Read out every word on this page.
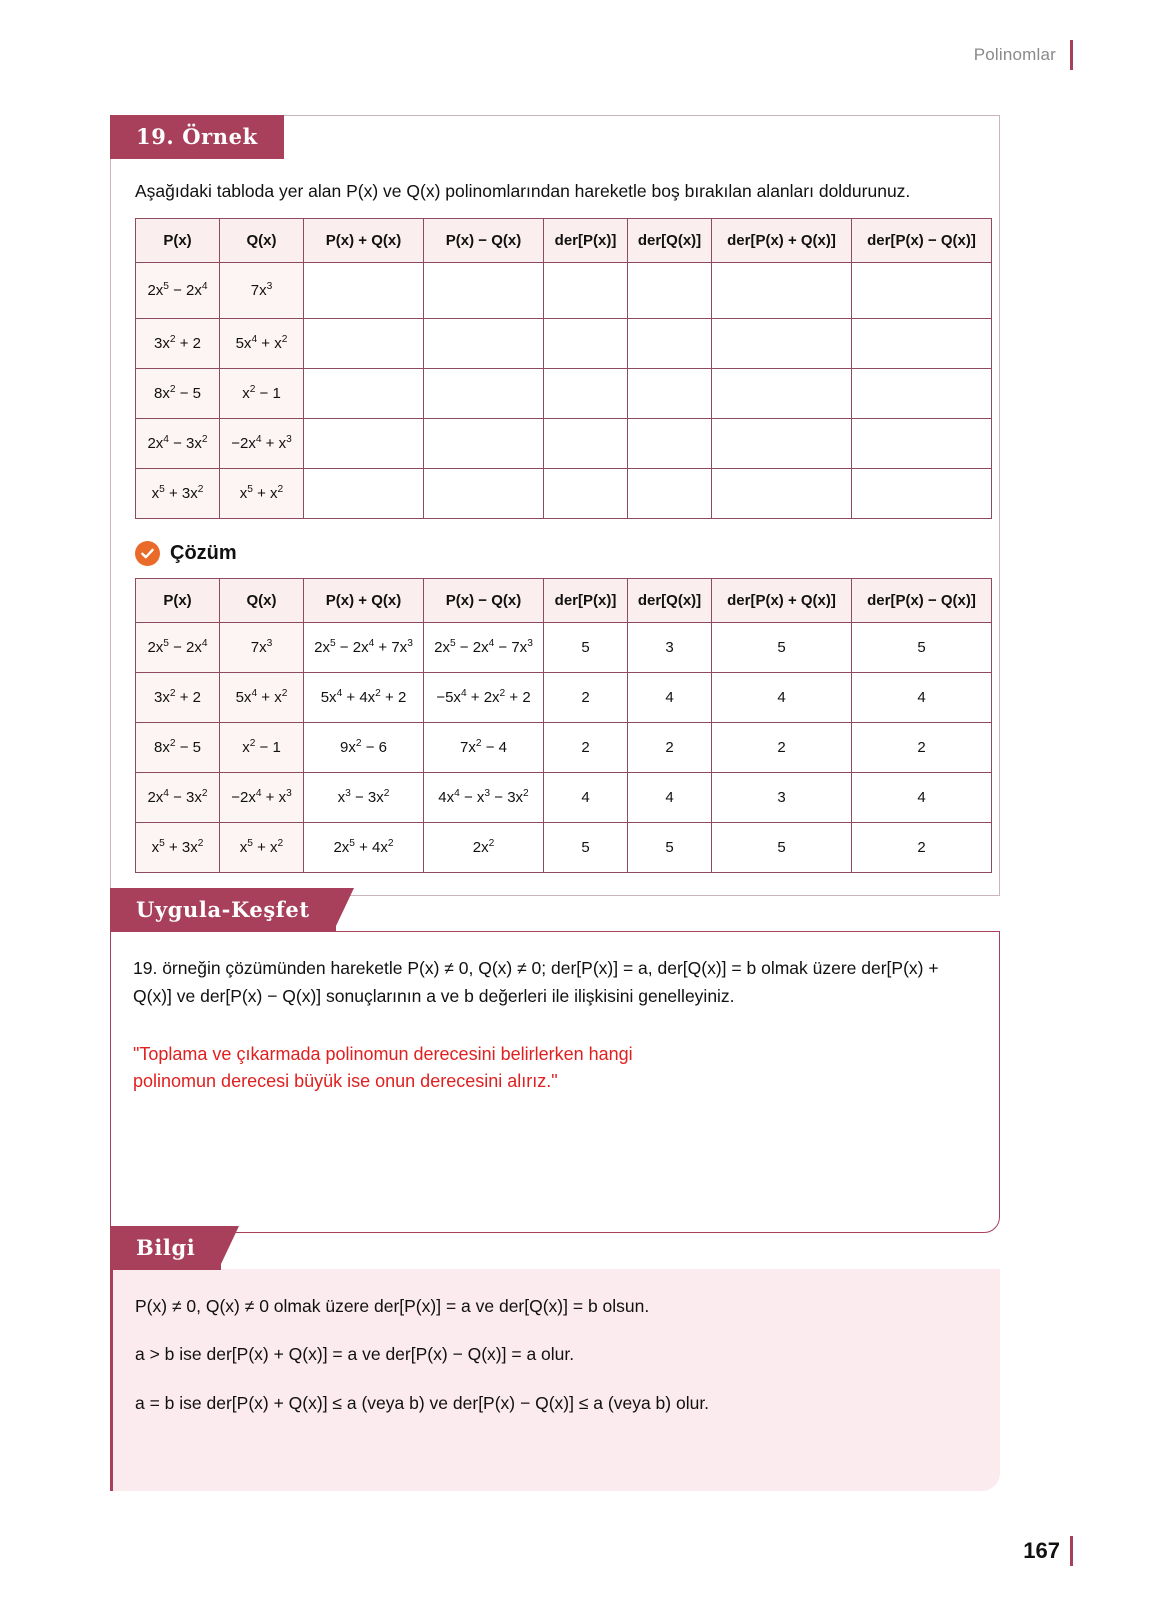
Polinomlar
19. Örnek
Aşağıdaki tabloda yer alan P(x) ve Q(x) polinomlarından hareketle boş bırakılan alanları doldurunuz.
P(x)	Q(x)	P(x) + Q(x)	P(x) − Q(x)	der[P(x)]	der[Q(x)]	der[P(x) + Q(x)]	der[P(x) − Q(x)]
$2x^5 - 2x^4$	$7x^3$						
$3x^2 + 2$	$5x^4 + x^2$						
$8x^2 - 5$	$x^2 - 1$						
$2x^4 - 3x^2$	$-2x^4 + x^3$						
$x^5 + 3x^2$	$x^5 + x^2$						
Çözüm
P(x)	Q(x)	P(x) + Q(x)	P(x) − Q(x)	der[P(x)]	der[Q(x)]	der[P(x) + Q(x)]	der[P(x) − Q(x)]
$2x^5 - 2x^4$	$7x^3$	$2x^5 - 2x^4 + 7x^3$	$2x^5 - 2x^4 - 7x^3$	5	3	5	5
$3x^2 + 2$	$5x^4 + x^2$	$5x^4 + 4x^2 + 2$	$-5x^4 + 2x^2 + 2$	2	4	4	4
$8x^2 - 5$	$x^2 - 1$	$9x^2 - 6$	$7x^2 - 4$	2	2	2	2
$2x^4 - 3x^2$	$-2x^4 + x^3$	$x^3 - 3x^2$	$4x^4 - x^3 - 3x^2$	4	4	3	4
$x^5 + 3x^2$	$x^5 + x^2$	$2x^5 + 4x^2$	$2x^2$	5	5	5	2
Uygula-Keşfet
19. örneğin çözümünden hareketle P(x) ≠ 0, Q(x) ≠ 0; der[P(x)] = a, der[Q(x)] = b olmak üzere der[P(x) + Q(x)] ve der[P(x) − Q(x)] sonuçlarının a ve b değerleri ile ilişkisini genelleyiniz.
"Toplama ve çıkarmada polinomun derecesini belirlerken hangi
polinomun derecesi büyük ise onun derecesini alırız."
Bilgi
P(x) ≠ 0, Q(x) ≠ 0 olmak üzere der[P(x)] = a ve der[Q(x)] = b olsun.
a > b ise der[P(x) + Q(x)] = a ve der[P(x) − Q(x)] = a olur.
a = b ise der[P(x) + Q(x)] ≤ a (veya b) ve der[P(x) − Q(x)] ≤ a (veya b) olur.
167
